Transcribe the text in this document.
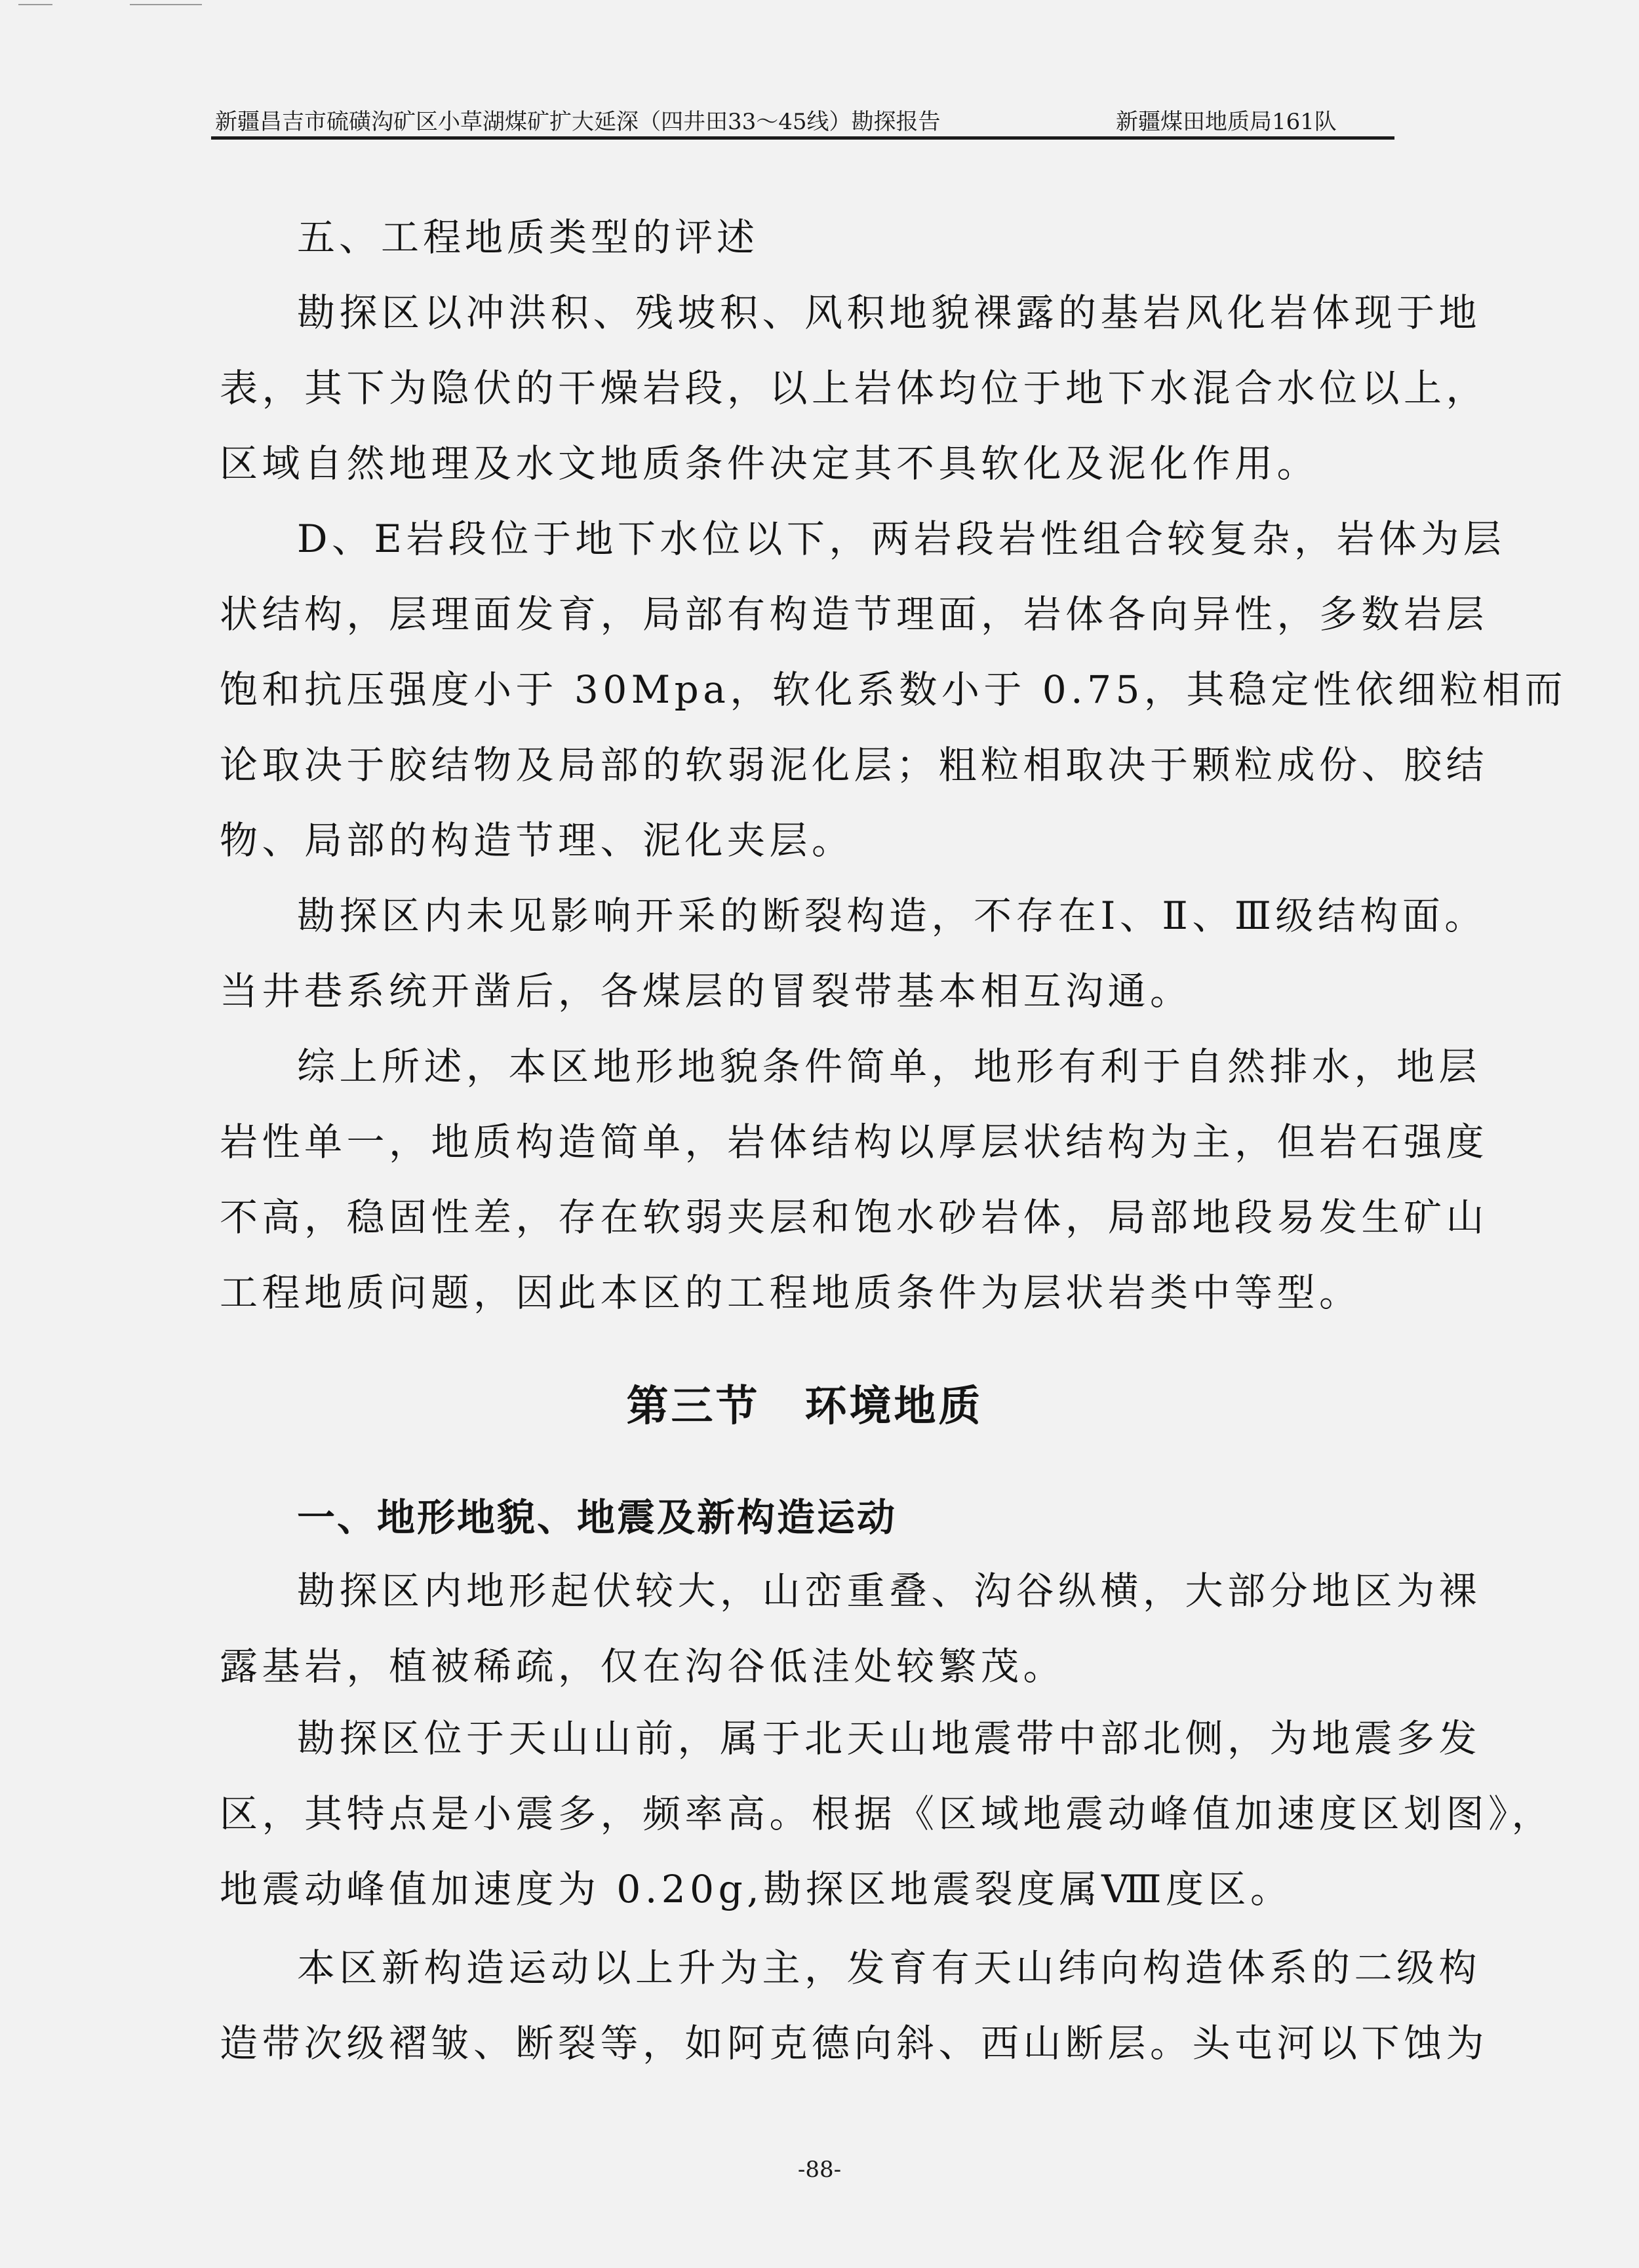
新疆昌吉市硫磺沟矿区小草湖煤矿扩大延深（四井田33～45线）勘探报告	新疆煤田地质局161队
五、工程地质类型的评述
勘探区以冲洪积、残坡积、风积地貌裸露的基岩风化岩体现于地
表，其下为隐伏的干燥岩段，以上岩体均位于地下水混合水位以上，
区域自然地理及水文地质条件决定其不具软化及泥化作用。
D、E岩段位于地下水位以下，两岩段岩性组合较复杂，岩体为层
状结构，层理面发育，局部有构造节理面，岩体各向异性，多数岩层
饱和抗压强度小于 30Mpa，软化系数小于 0.75，其稳定性依细粒相而
论取决于胶结物及局部的软弱泥化层；粗粒相取决于颗粒成份、胶结
物、局部的构造节理、泥化夹层。
勘探区内未见影响开采的断裂构造，不存在Ⅰ、Ⅱ、Ⅲ级结构面。
当井巷系统开凿后，各煤层的冒裂带基本相互沟通。
综上所述，本区地形地貌条件简单，地形有利于自然排水，地层
岩性单一，地质构造简单，岩体结构以厚层状结构为主，但岩石强度
不高，稳固性差，存在软弱夹层和饱水砂岩体，局部地段易发生矿山
工程地质问题，因此本区的工程地质条件为层状岩类中等型。
第三节　环境地质
一、地形地貌、地震及新构造运动
勘探区内地形起伏较大，山峦重叠、沟谷纵横，大部分地区为裸
露基岩，植被稀疏，仅在沟谷低洼处较繁茂。
勘探区位于天山山前，属于北天山地震带中部北侧，为地震多发
区，其特点是小震多，频率高。根据《区域地震动峰值加速度区划图》，
地震动峰值加速度为 0.20g,勘探区地震裂度属Ⅷ度区。
本区新构造运动以上升为主，发育有天山纬向构造体系的二级构
造带次级褶皱、断裂等，如阿克德向斜、西山断层。头屯河以下蚀为
-88-
